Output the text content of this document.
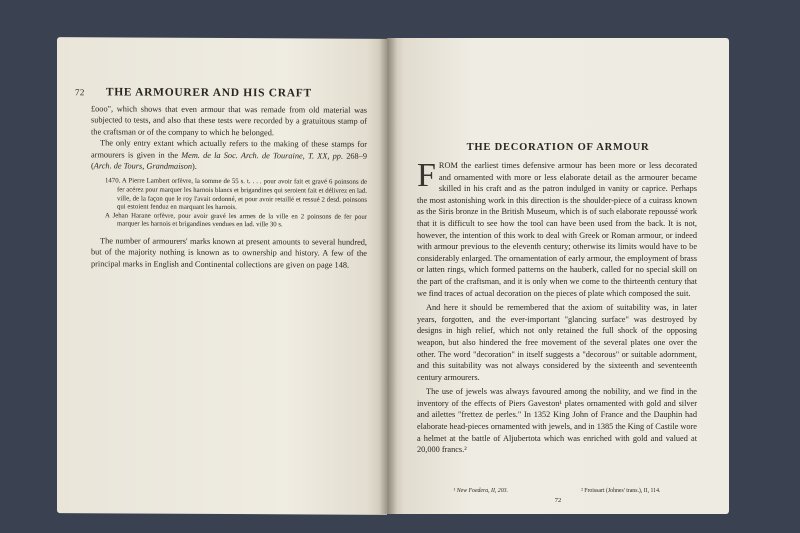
72 THE ARMOURER AND HIS CRAFT

£ooo", which shows that even armour that was remade from old material was subjected to tests, and also that these tests were recorded by a gratuitous stamp of the craftsman or of the company to which he belonged.

The only entry extant which actually refers to the making of these stamps for armourers is given in the Mem. de la Soc. Arch. de Touraine, T. XX, pp. 268–9 (Arch. de Tours, Grandmaison).

1470. A Pierre Lambert orfèvre, la somme de 55 s. t. . . . pour avoir fait et gravé 6 poinsons de fer acérez pour marquer les harnois blancs et brigandines qui seroient fait et délivrez en lad. ville, de la façon que le roy l'avait ordonné, et pour avoir retaillé et ressué 2 desd. poinsons qui estoient fenduz en marquant les harnois.

A Jehan Harane orfèvre, pour avoir gravé les armes de la ville en 2 poinsons de fer pour marquer les harnois et brigandines vendues en lad. ville 30 s.

The number of armourers' marks known at present amounts to several hundred, but of the majority nothing is known as to ownership and history. A few of the principal marks in English and Continental collections are given on page 148.

THE DECORATION OF ARMOUR

FROM the earliest times defensive armour has been more or less decorated and ornamented with more or less elaborate detail as the armourer became skilled in his craft and as the patron indulged in vanity or caprice. Perhaps the most astonishing work in this direction is the shoulder-piece of a cuirass known as the Siris bronze in the British Museum, which is of such elaborate repoussé work that it is difficult to see how the tool can have been used from the back. It is not, however, the intention of this work to deal with Greek or Roman armour, or indeed with armour previous to the eleventh century; otherwise its limits would have to be considerably enlarged. The ornamentation of early armour, the employment of brass or latten rings, which formed patterns on the hauberk, called for no special skill on the part of the craftsman, and it is only when we come to the thirteenth century that we find traces of actual decoration on the pieces of plate which composed the suit.

And here it should be remembered that the axiom of suitability was, in later years, forgotten, and the ever-important "glancing surface" was destroyed by designs in high relief, which not only retained the full shock of the opposing weapon, but also hindered the free movement of the several plates one over the other. The word "decoration" in itself suggests a "decorous" or suitable adornment, and this suitability was not always considered by the sixteenth and seventeenth century armourers.

The use of jewels was always favoured among the nobility, and we find in the inventory of the effects of Piers Gaveston¹ plates ornamented with gold and silver and ailettes "frettez de perles." In 1352 King John of France and the Dauphin had elaborate head-pieces ornamented with jewels, and in 1385 the King of Castile wore a helmet at the battle of Aljubertota which was enriched with gold and valued at 20,000 francs.²

¹ New Foedera, II, 203.	² Froissart (Johnes' trans.), II, 114.
72
